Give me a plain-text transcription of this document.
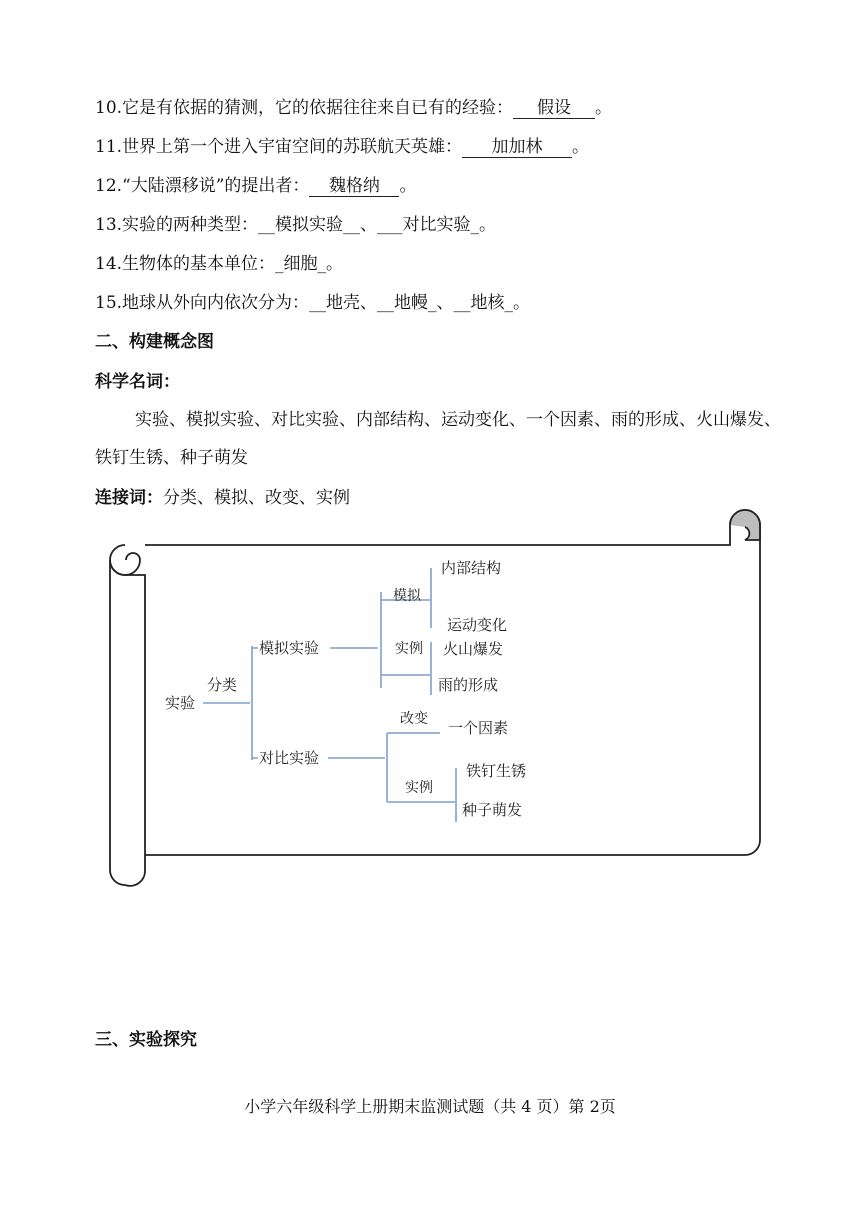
10.它是有依据的猜测，它的依据往往来自已有的经验： 假设 。
11.世界上第一个进入宇宙空间的苏联航天英雄： 加加林 。
12.“大陆漂移说”的提出者： 魏格纳 。
13.实验的两种类型：__模拟实验__、___对比实验_。
14.生物体的基本单位：_细胞_。
15.地球从外向内依次分为：__地壳、__地幔_、__地核_。
二、构建概念图
科学名词：
实验、模拟实验、对比实验、内部结构、运动变化、一个因素、雨的形成、火山爆发、铁钉生锈、种子萌发
连接词：分类、模拟、改变、实例
实验
分类
模拟实验
模拟
内部结构
运动变化
实例 火山爆发
雨的形成
对比实验
改变 一个因素
实例
铁钉生锈
种子萌发
三、实验探究
小学六年级科学上册期末监测试题（共 4 页）第 2页
